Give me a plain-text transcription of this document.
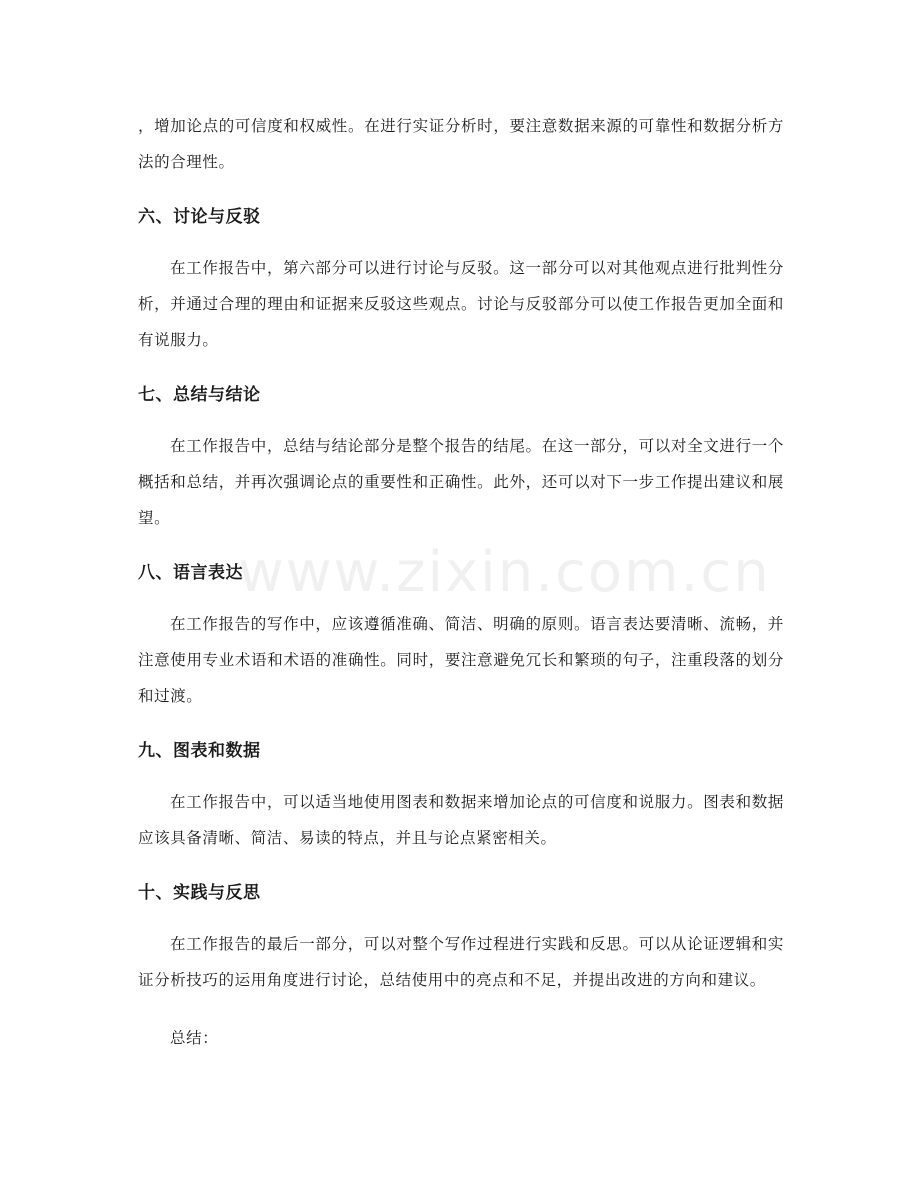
，增加论点的可信度和权威性。在进行实证分析时，要注意数据来源的可靠性和数据分析方法的合理性。

六、讨论与反驳

在工作报告中，第六部分可以进行讨论与反驳。这一部分可以对其他观点进行批判性分析，并通过合理的理由和证据来反驳这些观点。讨论与反驳部分可以使工作报告更加全面和有说服力。

七、总结与结论

在工作报告中，总结与结论部分是整个报告的结尾。在这一部分，可以对全文进行一个概括和总结，并再次强调论点的重要性和正确性。此外，还可以对下一步工作提出建议和展望。

八、语言表达

在工作报告的写作中，应该遵循准确、简洁、明确的原则。语言表达要清晰、流畅，并注意使用专业术语和术语的准确性。同时，要注意避免冗长和繁琐的句子，注重段落的划分和过渡。

九、图表和数据

在工作报告中，可以适当地使用图表和数据来增加论点的可信度和说服力。图表和数据应该具备清晰、简洁、易读的特点，并且与论点紧密相关。

十、实践与反思

在工作报告的最后一部分，可以对整个写作过程进行实践和反思。可以从论证逻辑和实证分析技巧的运用角度进行讨论，总结使用中的亮点和不足，并提出改进的方向和建议。

总结：

www.zixin.com.cn
